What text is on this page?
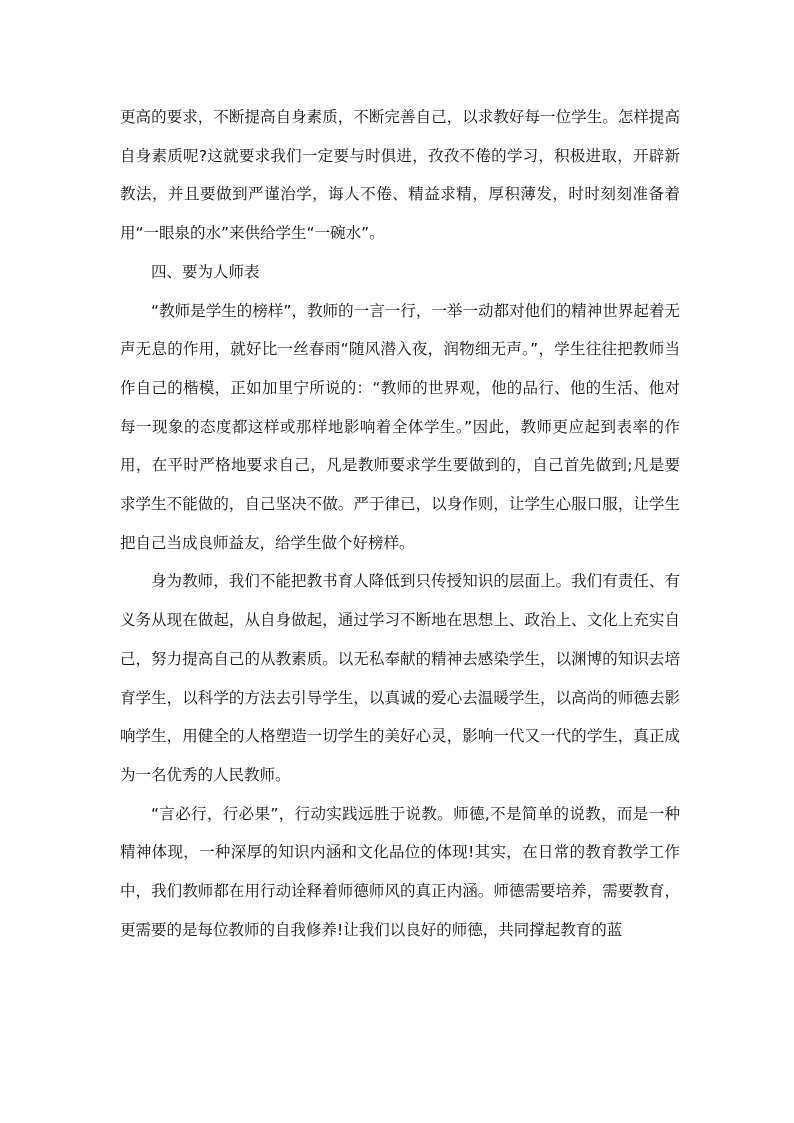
更高的要求，不断提高自身素质，不断完善自己，以求教好每一位学生。怎样提高自身素质呢?这就要求我们一定要与时俱进，孜孜不倦的学习，积极进取，开辟新教法，并且要做到严谨治学，诲人不倦、精益求精，厚积薄发，时时刻刻准备着用“一眼泉的水”来供给学生“一碗水”。

四、要为人师表

“教师是学生的榜样”，教师的一言一行，一举一动都对他们的精神世界起着无声无息的作用，就好比一丝春雨“随风潜入夜，润物细无声。”，学生往往把教师当作自己的楷模，正如加里宁所说的：“教师的世界观，他的品行、他的生活、他对每一现象的态度都这样或那样地影响着全体学生。”因此，教师更应起到表率的作用，在平时严格地要求自己，凡是教师要求学生要做到的，自己首先做到;凡是要求学生不能做的，自己坚决不做。严于律已，以身作则，让学生心服口服，让学生把自己当成良师益友，给学生做个好榜样。

身为教师，我们不能把教书育人降低到只传授知识的层面上。我们有责任、有义务从现在做起，从自身做起，通过学习不断地在思想上、政治上、文化上充实自己，努力提高自己的从教素质。以无私奉献的精神去感染学生，以渊博的知识去培育学生，以科学的方法去引导学生，以真诚的爱心去温暖学生，以高尚的师德去影响学生，用健全的人格塑造一切学生的美好心灵，影响一代又一代的学生，真正成为一名优秀的人民教师。

“言必行，行必果”，行动实践远胜于说教。师德,不是简单的说教，而是一种精神体现，一种深厚的知识内涵和文化品位的体现!其实，在日常的教育教学工作中，我们教师都在用行动诠释着师德师风的真正内涵。师德需要培养，需要教育，更需要的是每位教师的自我修养!让我们以良好的师德，共同撑起教育的蓝
